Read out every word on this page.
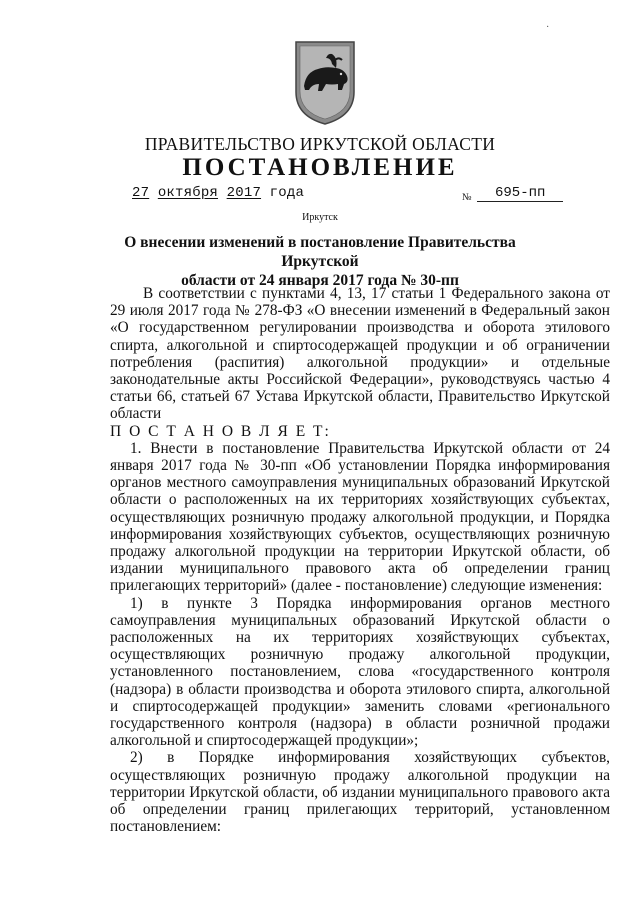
·
ПРАВИТЕЛЬСТВО ИРКУТСКОЙ ОБЛАСТИ
ПОСТАНОВЛЕНИЕ
27 октября 2017 года	№	695-пп
Иркутск
О внесении изменений в постановление Правительства Иркутской
области от 24 января 2017 года № 30-пп

В соответствии с пунктами 4, 13, 17 статьи 1 Федерального закона от 29 июля 2017 года № 278-ФЗ «О внесении изменений в Федеральный закон «О государственном регулировании производства и оборота этилового спирта, алкогольной и спиртосодержащей продукции и об ограничении потребления (распития) алкогольной продукции» и отдельные законодательные акты Российской Федерации», руководствуясь частью 4 статьи 66, статьей 67 Устава Иркутской области, Правительство Иркутской области

П О С Т А Н О В Л Я Е Т:

1. Внести в постановление Правительства Иркутской области от 24 января 2017 года № 30-пп «Об установлении Порядка информирования органов местного самоуправления муниципальных образований Иркутской области о расположенных на их территориях хозяйствующих субъектах, осуществляющих розничную продажу алкогольной продукции, и Порядка информирования хозяйствующих субъектов, осуществляющих розничную продажу алкогольной продукции на территории Иркутской области, об издании муниципального правового акта об определении границ прилегающих территорий» (далее - постановление) следующие изменения:

1) в пункте 3 Порядка информирования органов местного самоуправления муниципальных образований Иркутской области о расположенных на их территориях хозяйствующих субъектах, осуществляющих розничную продажу алкогольной продукции, установленного постановлением, слова «государственного контроля (надзора) в области производства и оборота этилового спирта, алкогольной и спиртосодержащей продукции» заменить словами «регионального государственного контроля (надзора) в области розничной продажи алкогольной и спиртосодержащей продукции»;

2) в Порядке информирования хозяйствующих субъектов, осуществляющих розничную продажу алкогольной продукции на территории Иркутской области, об издании муниципального правового акта об определении границ прилегающих территорий, установленном постановлением:
